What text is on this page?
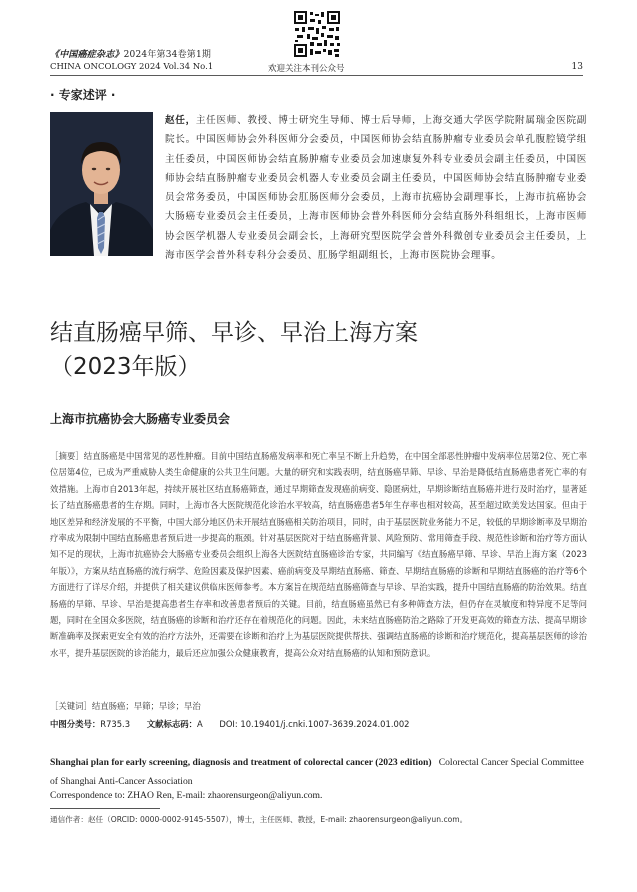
《中国癌症杂志》2024年第34卷第1期
CHINA ONCOLOGY 2024 Vol.34 No.1	欢迎关注本刊公众号	13
· 专家述评 ·
赵任，主任医师、教授、博士研究生导师、博士后导师，上海交通大学医学院附属瑞金医院副院长。中国医师协会外科医师分会委员，中国医师协会结直肠肿瘤专业委员会单孔腹腔镜学组主任委员，中国医师协会结直肠肿瘤专业委员会加速康复外科专业委员会副主任委员，中国医师协会结直肠肿瘤专业委员会机器人专业委员会副主任委员，中国医师协会结直肠肿瘤专业委员会常务委员，中国医师协会肛肠医师分会委员，上海市抗癌协会副理事长，上海市抗癌协会大肠癌专业委员会主任委员，上海市医师协会普外科医师分会结直肠外科组组长，上海市医师协会医学机器人专业委员会副会长，上海研究型医院学会普外科微创专业委员会主任委员，上海市医学会普外科专科分会委员、肛肠学组副组长，上海市医院协会理事。
结直肠癌早筛、早诊、早治上海方案
（2023年版）
上海市抗癌协会大肠癌专业委员会
［摘要］结直肠癌是中国常见的恶性肿瘤。目前中国结直肠癌发病率和死亡率呈不断上升趋势，在中国全部恶性肿瘤中发病率位居第2位、死亡率位居第4位，已成为严重威胁人类生命健康的公共卫生问题。大量的研究和实践表明，结直肠癌早筛、早诊、早治是降低结直肠癌患者死亡率的有效措施。上海市自2013年起，持续开展社区结直肠癌筛查，通过早期筛查发现癌前病变、隐匿病灶，早期诊断结直肠癌并进行及时治疗，显著延长了结直肠癌患者的生存期。同时，上海市各大医院规范化诊治水平较高，结直肠癌患者5年生存率也相对较高，甚至超过欧美发达国家。但由于地区差异和经济发展的不平衡，中国大部分地区仍未开展结直肠癌相关防治项目，同时，由于基层医院业务能力不足，较低的早期诊断率及早期治疗率成为限制中国结直肠癌患者预后进一步提高的瓶颈。针对基层医院对于结直肠癌背景、风险预防、常用筛查手段、规范性诊断和治疗等方面认知不足的现状，上海市抗癌协会大肠癌专业委员会组织上海各大医院结直肠癌诊治专家，共同编写《结直肠癌早筛、早诊、早治上海方案（2023年版）》，方案从结直肠癌的流行病学、危险因素及保护因素、癌前病变及早期结直肠癌、筛查、早期结直肠癌的诊断和早期结直肠癌的治疗等6个方面进行了详尽介绍，并提供了相关建议供临床医师参考。本方案旨在规范结直肠癌筛查与早诊、早治实践，提升中国结直肠癌的防治效果。结直肠癌的早筛、早诊、早治是提高患者生存率和改善患者预后的关键。目前，结直肠癌虽然已有多种筛查方法，但仍存在灵敏度和特异度不足等问题，同时在全国众多医院，结直肠癌的诊断和治疗还存在着规范化的问题。因此，未来结直肠癌防治之路除了开发更高效的筛查方法、提高早期诊断准确率及探索更安全有效的治疗方法外，还需要在诊断和治疗上为基层医院提供帮扶、强调结直肠癌的诊断和治疗规范化，提高基层医师的诊治水平，提升基层医院的诊治能力，最后还应加强公众健康教育，提高公众对结直肠癌的认知和预防意识。
［关键词］结直肠癌；早筛；早诊；早治
中图分类号：R735.3 文献标志码：A DOI: 10.19401/j.cnki.1007-3639.2024.01.002
Shanghai plan for early screening, diagnosis and treatment of colorectal cancer (2023 edition) Colorectal Cancer Special Committee of Shanghai Anti-Cancer Association
Correspondence to: ZHAO Ren, E-mail: zhaorensurgeon@aliyun.com.
通信作者：赵任（ORCID: 0000-0002-9145-5507），博士，主任医师、教授，E-mail: zhaorensurgeon@aliyun.com。
